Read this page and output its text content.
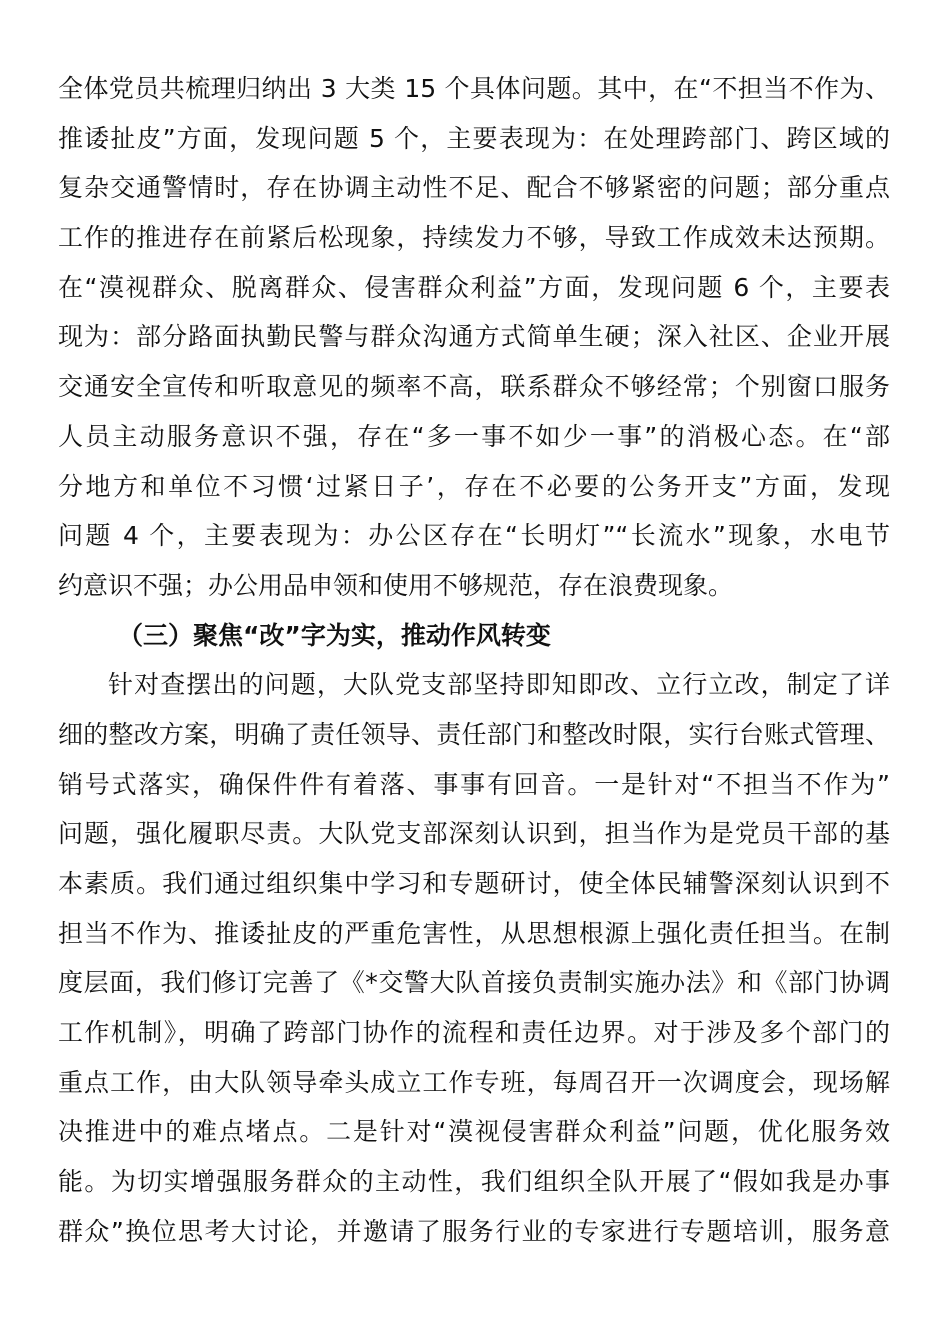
全体党员共梳理归纳出 3 大类 15 个具体问题。其中，在“不担当不作为、
推诿扯皮”方面，发现问题 5 个，主要表现为：在处理跨部门、跨区域的
复杂交通警情时，存在协调主动性不足、配合不够紧密的问题；部分重点
工作的推进存在前紧后松现象，持续发力不够，导致工作成效未达预期。
在“漠视群众、脱离群众、侵害群众利益”方面，发现问题 6 个，主要表
现为：部分路面执勤民警与群众沟通方式简单生硬；深入社区、企业开展
交通安全宣传和听取意见的频率不高，联系群众不够经常；个别窗口服务
人员主动服务意识不强，存在“多一事不如少一事”的消极心态。在“部
分地方和单位不习惯‘过紧日子’，存在不必要的公务开支”方面，发现
问题 4 个，主要表现为：办公区存在“长明灯”“长流水”现象，水电节
约意识不强；办公用品申领和使用不够规范，存在浪费现象。
（三）聚焦“改”字为实，推动作风转变
针对查摆出的问题，大队党支部坚持即知即改、立行立改，制定了详
细的整改方案，明确了责任领导、责任部门和整改时限，实行台账式管理、
销号式落实，确保件件有着落、事事有回音。一是针对“不担当不作为”
问题，强化履职尽责。大队党支部深刻认识到，担当作为是党员干部的基
本素质。我们通过组织集中学习和专题研讨，使全体民辅警深刻认识到不
担当不作为、推诿扯皮的严重危害性，从思想根源上强化责任担当。在制
度层面，我们修订完善了《*交警大队首接负责制实施办法》和《部门协调
工作机制》，明确了跨部门协作的流程和责任边界。对于涉及多个部门的
重点工作，由大队领导牵头成立工作专班，每周召开一次调度会，现场解
决推进中的难点堵点。二是针对“漠视侵害群众利益”问题，优化服务效
能。为切实增强服务群众的主动性，我们组织全队开展了“假如我是办事
群众”换位思考大讨论，并邀请了服务行业的专家进行专题培训，服务意
